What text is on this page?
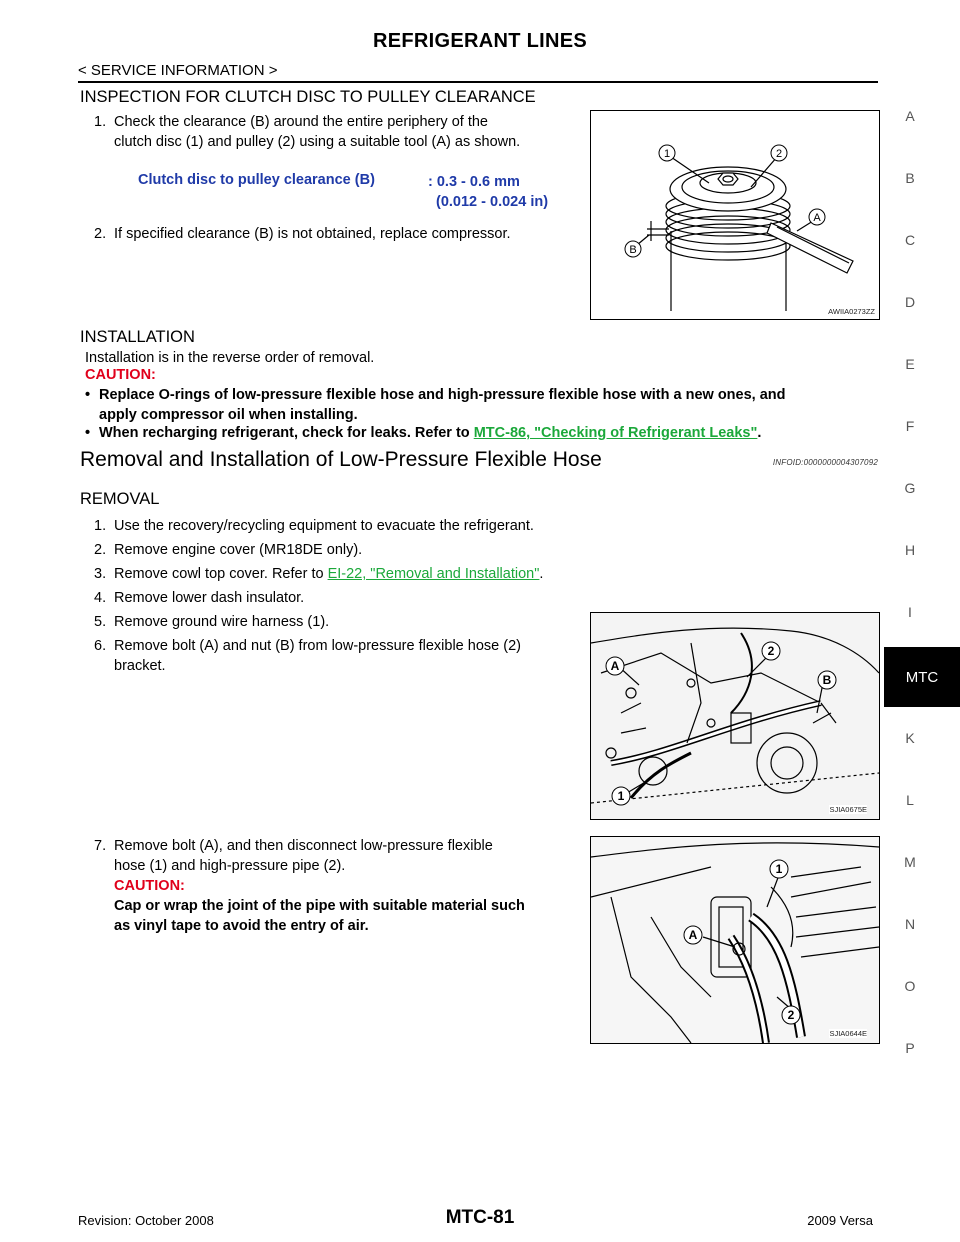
REFRIGERANT LINES
< SERVICE INFORMATION >
INSPECTION FOR CLUTCH DISC TO PULLEY CLEARANCE
1. Check the clearance (B) around the entire periphery of the
clutch disc (1) and pulley (2) using a suitable tool (A) as shown.
Clutch disc to pulley clearance (B)	: 0.3 - 0.6 mm
(0.012 - 0.024 in)
2. If specified clearance (B) is not obtained, replace compressor.
1	2
A
B
AWIIA0273ZZ
INSTALLATION
Installation is in the reverse order of removal.
CAUTION:
• Replace O-rings of low-pressure flexible hose and high-pressure flexible hose with a new ones, and
apply compressor oil when installing.
• When recharging refrigerant, check for leaks. Refer to MTC-86, "Checking of Refrigerant Leaks".
Removal and Installation of Low-Pressure Flexible Hose	INFOID:0000000004307092
REMOVAL
1. Use the recovery/recycling equipment to evacuate the refrigerant.
2. Remove engine cover (MR18DE only).
3. Remove cowl top cover. Refer to EI-22, "Removal and Installation".
4. Remove lower dash insulator.
5. Remove ground wire harness (1).
6. Remove bolt (A) and nut (B) from low-pressure flexible hose (2)
bracket.	A
2
B
1
SJIA0675E
7. Remove bolt (A), and then disconnect low-pressure flexible
hose (1) and high-pressure pipe (2).
CAUTION:
Cap or wrap the joint of the pipe with suitable material such
as vinyl tape to avoid the entry of air.
1
A
2
SJIA0644E
A
B
C
D
E
F
G
H
I
MTC
K
L
M
N
O
P
Revision: October 2008	MTC-81	2009 Versa
